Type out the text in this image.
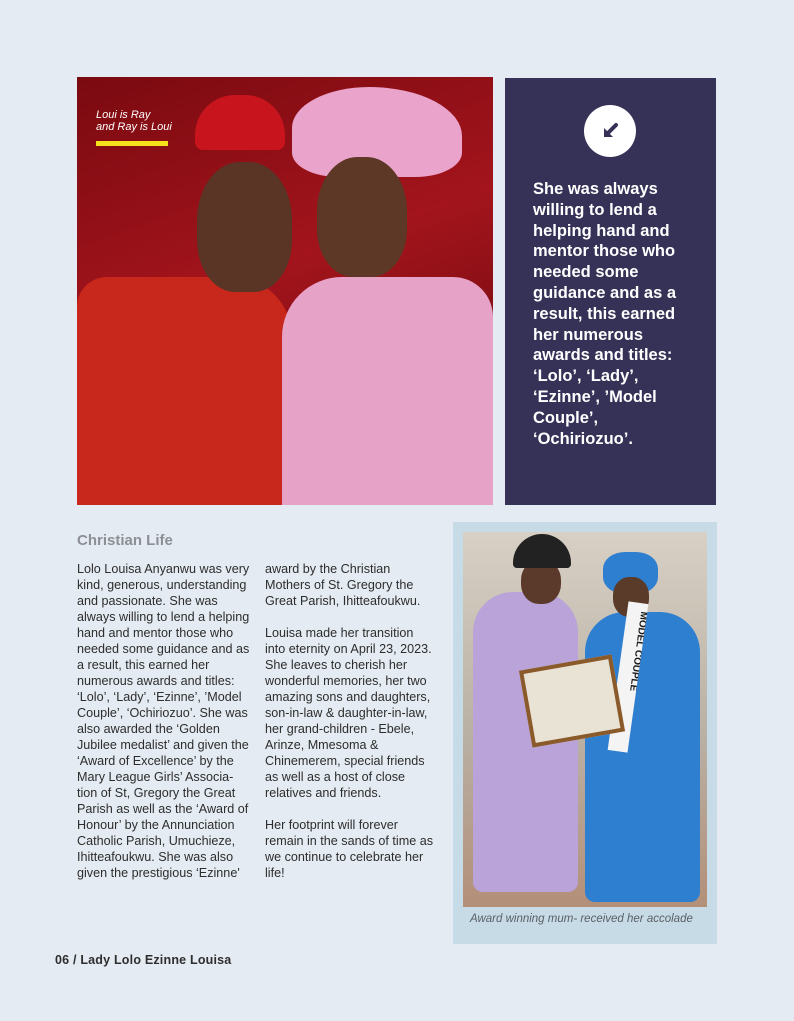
Loui is Ray
and Ray is Loui
She was always willing to lend a helping hand and mentor those who needed some guidance and as a result, this earned her numerous awards and titles: ‘Lolo’, ‘Lady’, ‘Ezinne’, ’Model Couple’, ‘Ochiriozuo’.
Christian Life

Lolo Louisa Anyanwu was very kind, generous, understanding and passionate. She was always willing to lend a helping hand and mentor those who needed some guidance and as a result, this earned her numerous awards and titles: ‘Lolo’, ‘Lady’, ‘Ezinne’, ’Model Couple’, ‘Ochiriozuo’. She was also awarded the ‘Golden Jubilee medalist’ and given the ‘Award of Excellence’ by the Mary League Girls’ Associa-tion of St, Gregory the Great Parish as well as the ‘Award of Honour’ by the Annunciation Catholic Parish, Umuchieze, Ihitteafoukwu. She was also given the prestigious ‘Ezinne'

award by the Christian Mothers of St. Gregory the Great Parish, Ihitteafoukwu.

Louisa made her transition into eternity on April 23, 2023. She leaves to cherish her wonderful memories, her two amazing sons and daughters, son-in-law & daughter-in-law, her grand-children - Ebele, Arinze, Mmesoma & Chinemerem, special friends as well as a host of close relatives and friends.

Her footprint will forever remain in the sands of time as we continue to celebrate her life!

MODEL COUPLE
Award winning mum- received her accolade
06 / Lady Lolo Ezinne Louisa
